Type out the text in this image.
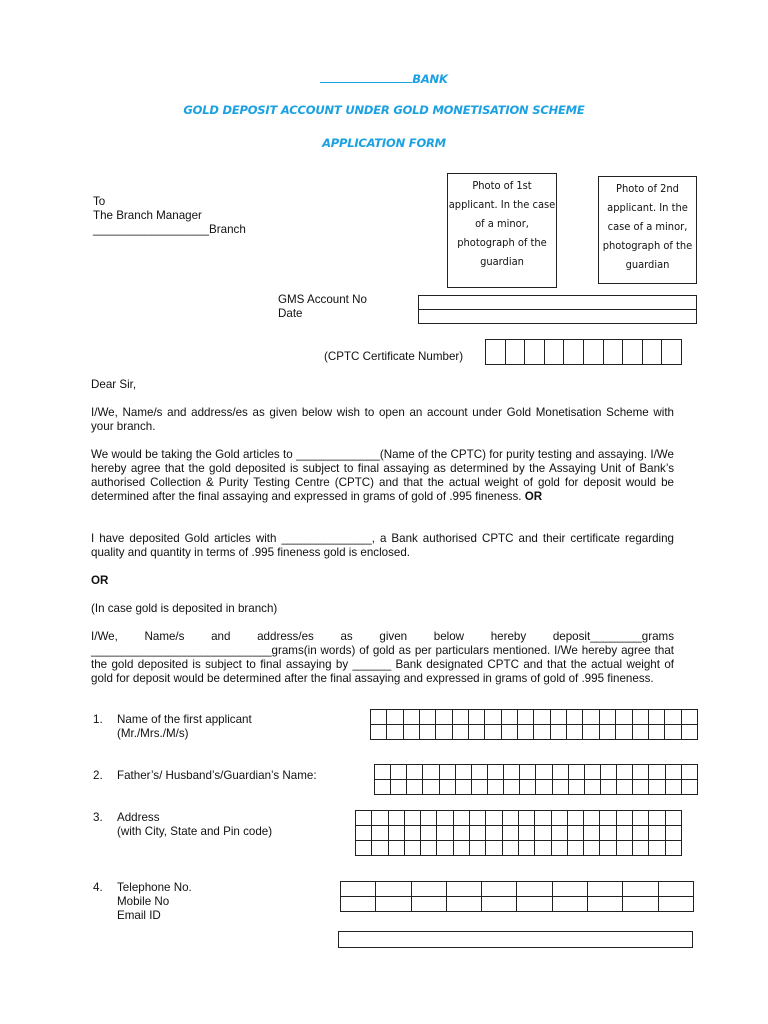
BANK
GOLD DEPOSIT ACCOUNT UNDER GOLD MONETISATION SCHEME
APPLICATION FORM
To
The Branch Manager
__________________Branch
Photo of 1st applicant. In the case of a minor, photograph of the guardian
Photo of 2nd applicant. In the case of a minor, photograph of the guardian
GMS Account No
Date

(CPTC Certificate Number)

Dear Sir,
I/We, Name/s and address/es as given below wish to open an account under Gold Monetisation Scheme with your branch.
We would be taking the Gold articles to _____________(Name of the CPTC) for purity testing and assaying. I/We hereby agree that the gold deposited is subject to final assaying as determined by the Assaying Unit of Bank’s authorised Collection & Purity Testing Centre (CPTC) and that the actual weight of gold for deposit would be determined after the final assaying and expressed in grams of gold of .995 fineness. OR
I have deposited Gold articles with ______________, a Bank authorised CPTC and their certificate regarding quality and quantity in terms of .995 fineness gold is enclosed.
OR
(In case gold is deposited in branch)
I/We, Name/s and address/es as given below hereby deposit________grams ____________________________grams(in words) of gold as per particulars mentioned. I/We hereby agree that the gold deposited is subject to final assaying by ______ Bank designated CPTC and that the actual weight of gold for deposit would be determined after the final assaying and expressed in grams of gold of .995 fineness.
1. Name of the first applicant
(Mr./Mrs./M/s)

2. Father’s/ Husband’s/Guardian’s Name:

3. Address
(with City, State and Pin code)

4. Telephone No.
Mobile No
Email ID
